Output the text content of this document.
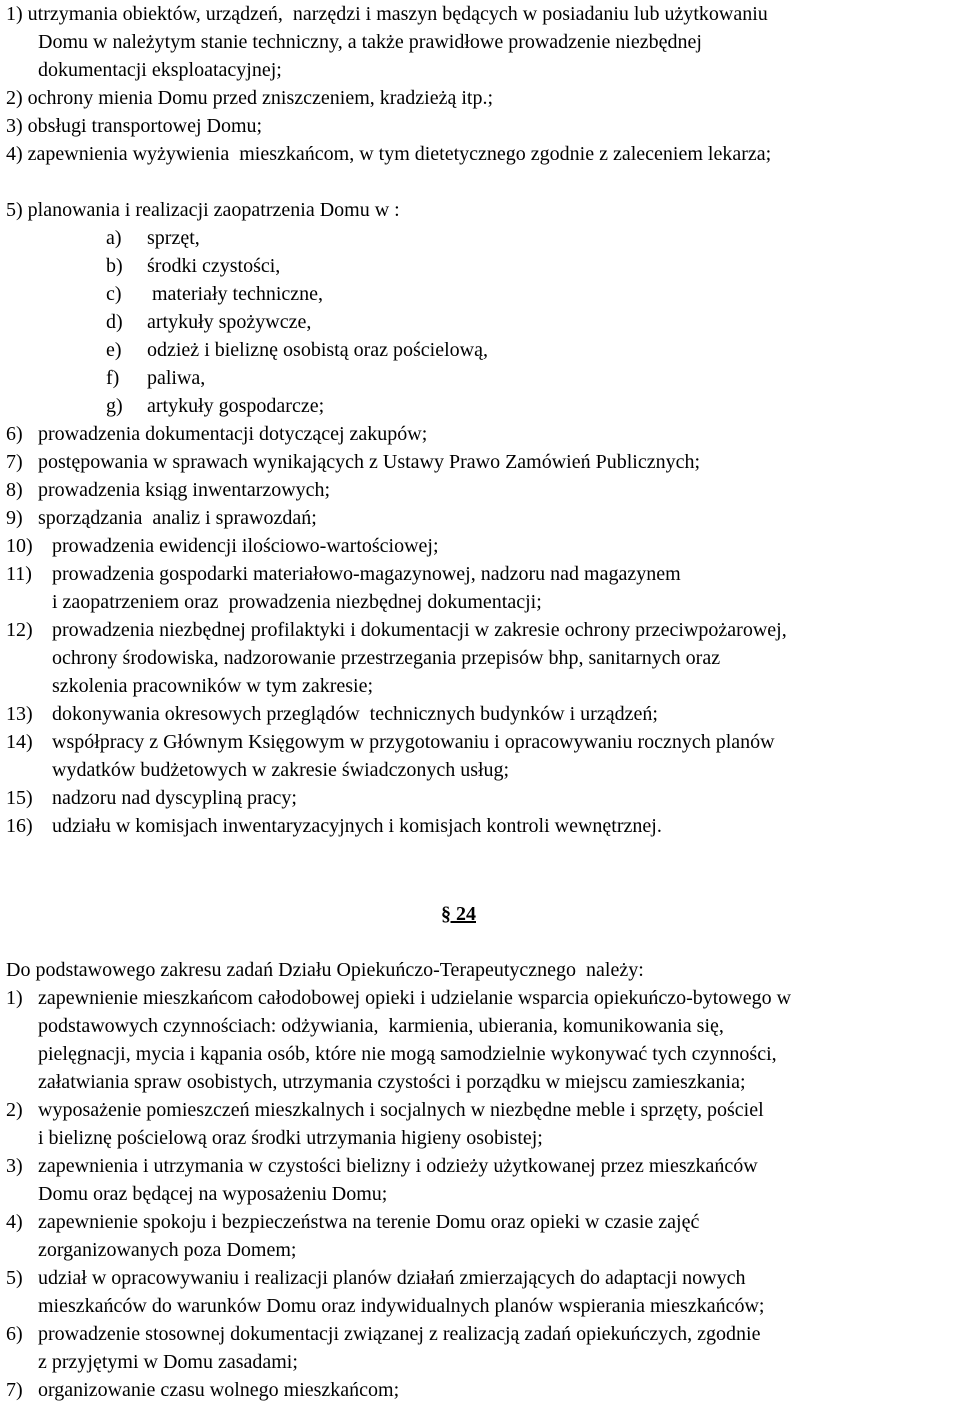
1) utrzymania obiektów, urządzeń,  narzędzi i maszyn będących w posiadaniu lub użytkowaniu
Domu w należytym stanie techniczny, a także prawidłowe prowadzenie niezbędnej
dokumentacji eksploatacyjnej;
2) ochrony mienia Domu przed zniszczeniem, kradzieżą itp.;
3) obsługi transportowej Domu;
4) zapewnienia wyżywienia  mieszkańcom, w tym dietetycznego zgodnie z zaleceniem lekarza;
5) planowania i realizacji zaopatrzenia Domu w :
a) sprzęt,
b) środki czystości,
c) materiały techniczne,
d) artykuły spożywcze,
e) odzież i bieliznę osobistą oraz pościelową,
f) paliwa,
g) artykuły gospodarcze;
6) prowadzenia dokumentacji dotyczącej zakupów;
7) postępowania w sprawach wynikających z Ustawy Prawo Zamówień Publicznych;
8) prowadzenia ksiąg inwentarzowych;
9) sporządzania  analiz i sprawozdań;
10) prowadzenia ewidencji ilościowo-wartościowej;
11) prowadzenia gospodarki materiałowo-magazynowej, nadzoru nad magazynem
i zaopatrzeniem oraz  prowadzenia niezbędnej dokumentacji;
12) prowadzenia niezbędnej profilaktyki i dokumentacji w zakresie ochrony przeciwpożarowej,
ochrony środowiska, nadzorowanie przestrzegania przepisów bhp, sanitarnych oraz
szkolenia pracowników w tym zakresie;
13) dokonywania okresowych przeglądów  technicznych budynków i urządzeń;
14) współpracy z Głównym Księgowym w przygotowaniu i opracowywaniu rocznych planów
wydatków budżetowych w zakresie świadczonych usług;
15) nadzoru nad dyscypliną pracy;
16) udziału w komisjach inwentaryzacyjnych i komisjach kontroli wewnętrznej.
§ 24
Do podstawowego zakresu zadań Działu Opiekuńczo-Terapeutycznego  należy:
1) zapewnienie mieszkańcom całodobowej opieki i udzielanie wsparcia opiekuńczo-bytowego w
podstawowych czynnościach: odżywiania,  karmienia, ubierania, komunikowania się,
pielęgnacji, mycia i kąpania osób, które nie mogą samodzielnie wykonywać tych czynności,
załatwiania spraw osobistych, utrzymania czystości i porządku w miejscu zamieszkania;
2) wyposażenie pomieszczeń mieszkalnych i socjalnych w niezbędne meble i sprzęty, pościel
i bieliznę pościelową oraz środki utrzymania higieny osobistej;
3) zapewnienia i utrzymania w czystości bielizny i odzieży użytkowanej przez mieszkańców
Domu oraz będącej na wyposażeniu Domu;
4) zapewnienie spokoju i bezpieczeństwa na terenie Domu oraz opieki w czasie zajęć
zorganizowanych poza Domem;
5) udział w opracowywaniu i realizacji planów działań zmierzających do adaptacji nowych
mieszkańców do warunków Domu oraz indywidualnych planów wspierania mieszkańców;
6) prowadzenie stosownej dokumentacji związanej z realizacją zadań opiekuńczych, zgodnie
z przyjętymi w Domu zasadami;
7) organizowanie czasu wolnego mieszkańcom;
